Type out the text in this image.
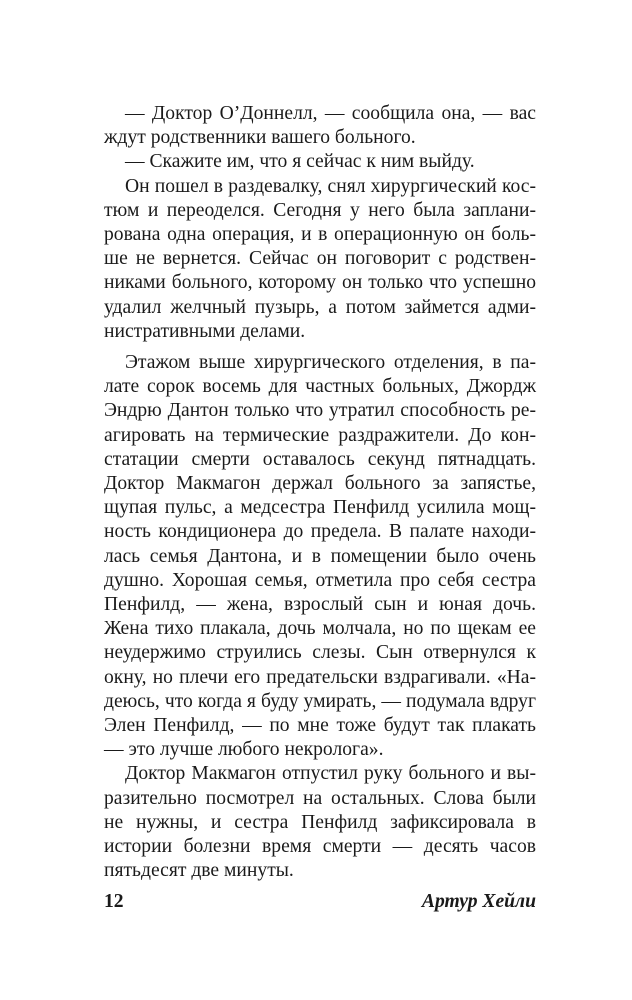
— Доктор О’Доннелл, — сообщила она, — вас ждут родственники вашего больного.

— Скажите им, что я сейчас к ним выйду.

Он пошел в раздевалку, снял хирургический костюм и переоделся. Сегодня у него была запланирована одна операция, и в операционную он больше не вернется. Сейчас он поговорит с родственниками больного, которому он только что успешно удалил желчный пузырь, а потом займется административными делами.

Этажом выше хирургического отделения, в палате сорок восемь для частных больных, Джордж Эндрю Дантон только что утратил способность реагировать на термические раздражители. До констатации смерти оставалось секунд пятнадцать. Доктор Макмагон держал больного за запястье, щупая пульс, а медсестра Пенфилд усилила мощность кондиционера до предела. В палате находилась семья Дантона, и в помещении было очень душно. Хорошая семья, отметила про себя сестра Пенфилд, — жена, взрослый сын и юная дочь. Жена тихо плакала, дочь молчала, но по щекам ее неудержимо струились слезы. Сын отвернулся к окну, но плечи его предательски вздрагивали. «Надеюсь, что когда я буду умирать, — подумала вдруг Элен Пенфилд, — по мне тоже будут так плакать — это лучше любого некролога».

Доктор Макмагон отпустил руку больного и выразительно посмотрел на остальных. Слова были не нужны, и сестра Пенфилд зафиксировала в истории болезни время смерти — десять часов пятьдесят две минуты.

12	Артур Хейли
